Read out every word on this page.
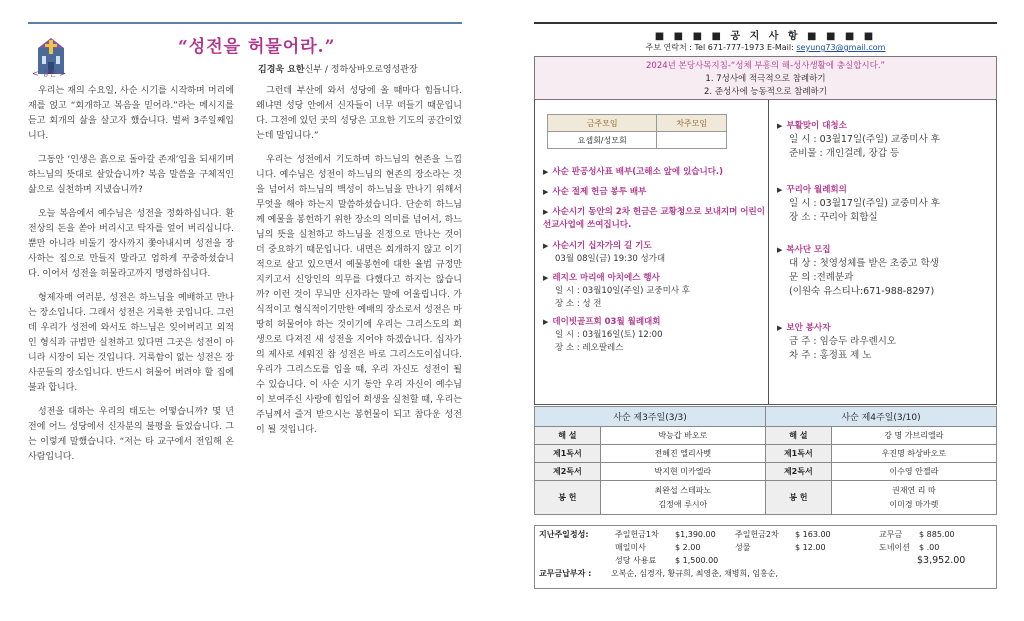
< 강론 >
“성전을 허물어라.”
김경욱 요한신부 / 정하상바오로영성관장

우리는 재의 수요일, 사순 시기를 시작하며 머리에 재를 얹고 “회개하고 복음을 믿어라.”라는 메시지를 듣고 회개의 삶을 살고자 했습니다. 벌써 3주일째입니다.

그동안 ‘인생은 흙으로 돌아갈 존재’임을 되새기며 하느님의 뜻대로 살았습니까? 복음 말씀을 구체적인 삶으로 실천하며 지냈습니까?

오늘 복음에서 예수님은 성전을 정화하십니다. 환전상의 돈을 쏟아 버리시고 탁자를 엎어 버리십니다. 뿐만 아니라 비둘기 장사까지 쫓아내시며 성전을 장사하는 집으로 만들지 말라고 엄하게 꾸중하셨습니다. 이어서 성전을 허물라고까지 명령하십니다.

형제자매 여러분, 성전은 하느님을 예배하고 만나는 장소입니다. 그래서 성전은 거룩한 곳입니다. 그런데 우리가 성전에 와서도 하느님은 잊어버리고 외적인 형식과 규범만 실천하고 있다면 그곳은 성전이 아니라 시장이 되는 것입니다. 거룩함이 없는 성전은 장사꾼들의 장소입니다. 반드시 허물어 버려야 할 집에 불과 합니다.

성전을 대하는 우리의 태도는 어떻습니까? 몇 년 전에 어느 성당에서 신자분의 불평을 들었습니다. 그는 이렇게 말했습니다. “저는 타 교구에서 전입해 온 사람입니다.

그런데 부산에 와서 성당에 올 때마다 힘듭니다. 왜냐면 성당 안에서 신자들이 너무 떠들기 때문입니다. 그전에 있던 곳의 성당은 고요한 기도의 공간이었는데 말입니다.”

우리는 성전에서 기도하며 하느님의 현존을 느낍니다. 예수님은 성전이 하느님의 현존의 장소라는 것을 넘어서 하느님의 백성이 하느님을 만나기 위해서 무엇을 해야 하는지 말씀하셨습니다. 단순히 하느님께 예물을 봉헌하기 위한 장소의 의미를 넘어서, 하느님의 뜻을 실천하고 하느님을 진정으로 만나는 것이 더 중요하기 때문입니다. 내면은 회개하지 않고 이기적으로 살고 있으면서 예물봉헌에 대한 율법 규정만 지키고서 신앙인의 의무를 다했다고 하지는 않습니까? 이런 것이 무늬만 신자라는 말에 어울립니다. 가식적이고 형식적이기만한 예배의 장소로서 성전은 마땅히 허물어야 하는 것이기에 우리는 그리스도의 희생으로 다져진 새 성전을 지어야 하겠습니다. 십자가의 제사로 세워진 참 성전은 바로 그리스도이십니다. 우리가 그리스도를 입을 때, 우리 자신도 성전이 될 수 있습니다. 이 사순 시기 동안 우리 자신이 예수님이 보여주신 사랑에 힘입어 희생을 실천할 때, 우리는 주님께서 즐겨 받으시는 봉헌물이 되고 참다운 성전이 될 것입니다.

■ ■ ■ ■ 공 지 사 항 ■ ■ ■ ■
주보 연락처 : Tel 671-777-1973 E-Mail: seyung73@gmail.com
2024년 본당사목지침-“성체 부흥의 해-성사생활에 충실합시다.”
1. 7성사에 적극적으로 참례하기
2. 준성사에 능동적으로 참례하기
금주모임	차주모임
요셉회/성모회	
▶ 사순 판공성사표 배부(고해소 앞에 있습니다.)
▶ 사순 절제 헌금 봉투 배부
▶ 사순시기 동안의 2차 헌금은 교황청으로 보내지며 어린이 선교사업에 쓰여집니다.
▶ 사순시기 십자가의 길 기도
03월 08일(금) 19:30 성가대
▶ 레지오 마리애 아치에스 행사
일 시 : 03월10일(주일) 교중미사 후
장 소 : 성 전
▶ 데이빗골프회 03월 월례대회
일 시 : 03월16일(토) 12:00
장 소 : 레오팔레스
▶ 부활맞이 대청소
일 시 : 03월17일(주일) 교중미사 후
준비물 : 개인걸레, 장갑 등
▶ 꾸리아 월례회의
일 시 : 03월17일(주일) 교중미사 후
장 소 : 꾸리아 회합실
▶ 복사단 모집
대 상 : 첫영성체를 받은 초중고 학생
문 의 :전례분과
(이원숙 유스티나:671-988-8297)
▶ 보안 봉사자
금 주 : 임승두 라우렌시오
차 주 : 홍정표 제 노
사순 제3주일(3/3)		사순 제4주일(3/10)	
해 설	박능갑 바오로	해 설	강 명 가브리엘라
제1독서	전혜진 엘리사벳	제1독서	우진명 하상바오로
제2독서	박지현 미카엘라	제2독서	이수영 안젤라
봉 헌	최완섭 스테파노
김정애 루시아	봉 헌	권재연 리 따
이미경 마가렛
지난주일정성:	주일헌금1차 $1,390.00 주일헌금2차 $ 163.00	교무금 $ 885.00
매일미사	$ 2.00	성물	$ 12.00	도네이션 $ .00
성당 사용료 $ 1,500.00	$3,952.00
교무금납부자 : 오복순, 심경자, 황규희, 최영춘, 채병희, 임홍순,
